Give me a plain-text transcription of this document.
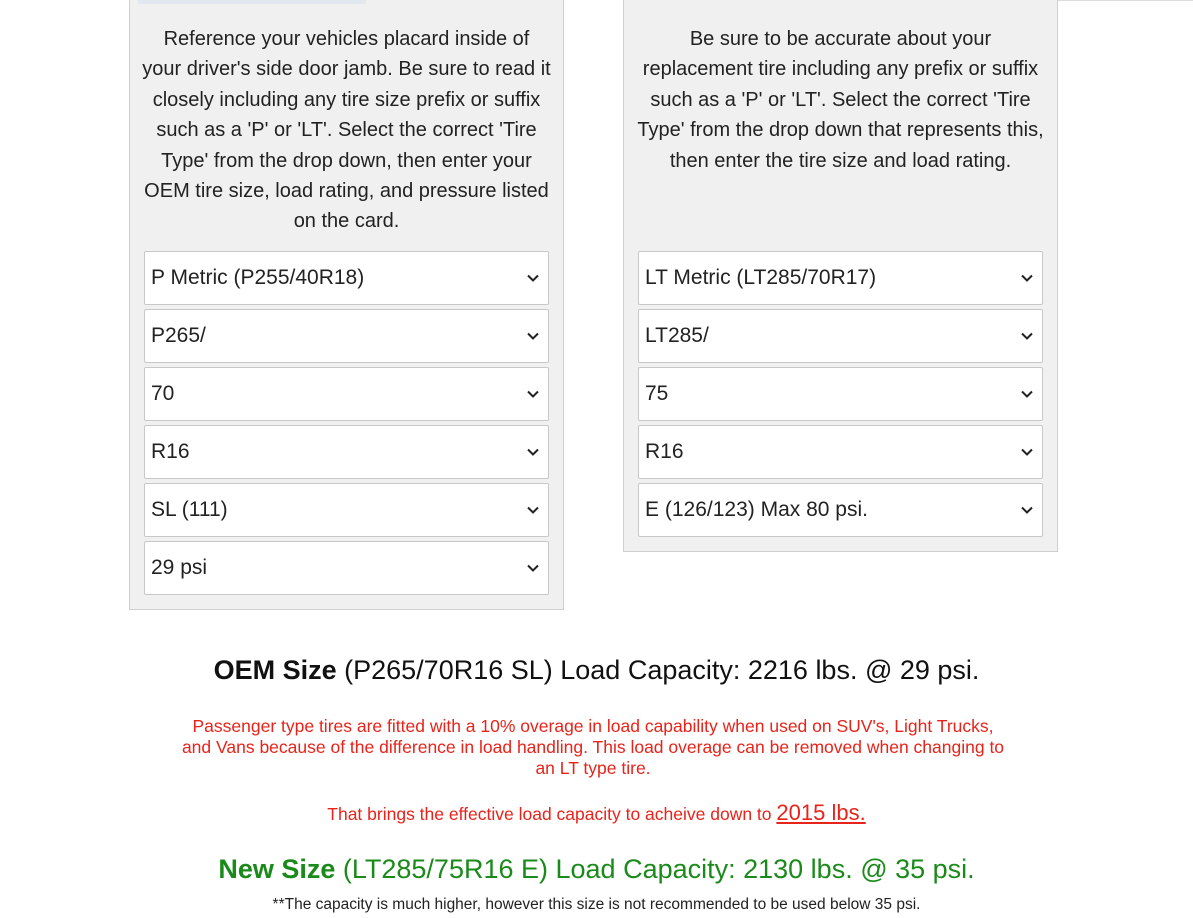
Reference your vehicles placard inside of your driver's side door jamb. Be sure to read it closely including any tire size prefix or suffix such as a 'P' or 'LT'. Select the correct 'Tire Type' from the drop down, then enter your OEM tire size, load rating, and pressure listed on the card.
P Metric (P255/40R18)
P265/
70
R16
SL (111)
29 psi
Be sure to be accurate about your replacement tire including any prefix or suffix such as a 'P' or 'LT'. Select the correct 'Tire Type' from the drop down that represents this, then enter the tire size and load rating.
LT Metric (LT285/70R17)
LT285/
75
R16
E (126/123) Max 80 psi.
OEM Size (P265/70R16 SL) Load Capacity: 2216 lbs. @ 29 psi.
Passenger type tires are fitted with a 10% overage in load capability when used on SUV's, Light Trucks, and Vans because of the difference in load handling. This load overage can be removed when changing to an LT type tire.
That brings the effective load capacity to acheive down to 2015 lbs.
New Size (LT285/75R16 E) Load Capacity: 2130 lbs. @ 35 psi.
**The capacity is much higher, however this size is not recommended to be used below 35 psi.
